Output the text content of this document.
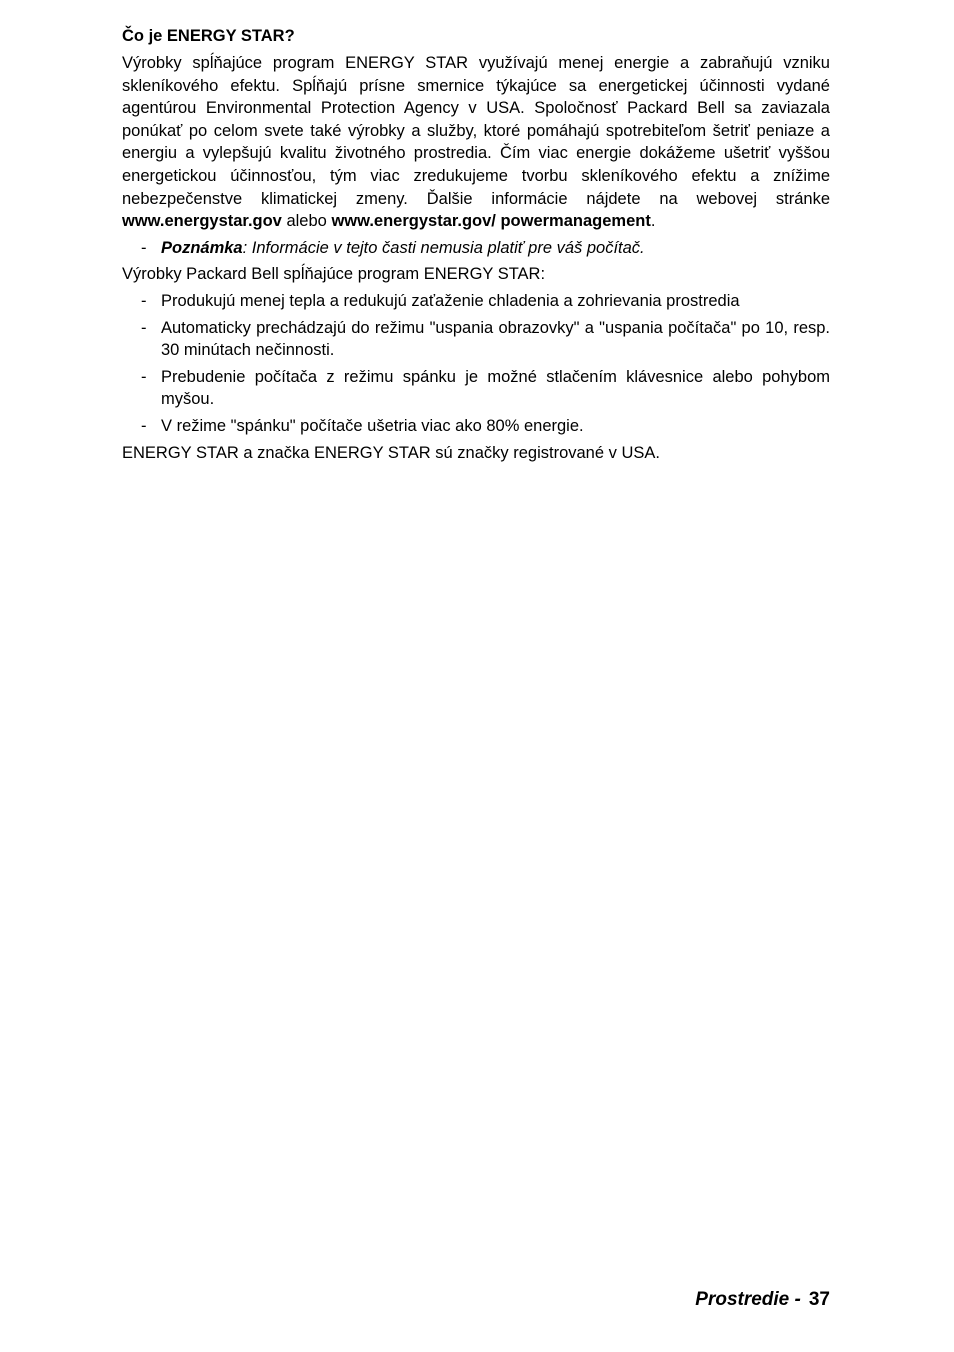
Čo je ENERGY STAR?
Výrobky spĺňajúce program ENERGY STAR využívajú menej energie a zabraňujú vzniku skleníkového efektu. Spĺňajú prísne smernice týkajúce sa energetickej účinnosti vydané agentúrou Environmental Protection Agency v USA. Spoločnosť Packard Bell sa zaviazala ponúkať po celom svete také výrobky a služby, ktoré pomáhajú spotrebiteľom šetriť peniaze a energiu a vylepšujú kvalitu životného prostredia. Čím viac energie dokážeme ušetriť vyššou energetickou účinnosťou, tým viac zredukujeme tvorbu skleníkového efektu a znížime nebezpečenstve klimatickej zmeny. Ďalšie informácie nájdete na webovej stránke www.energystar.gov alebo www.energystar.gov/ powermanagement.
- Poznámka: Informácie v tejto časti nemusia platiť pre váš počítač.
Výrobky Packard Bell spĺňajúce program ENERGY STAR:
- Produkujú menej tepla a redukujú zaťaženie chladenia a zohrievania prostredia
- Automaticky prechádzajú do režimu "uspania obrazovky" a "uspania počítača" po 10, resp. 30 minútach nečinnosti.
- Prebudenie počítača z režimu spánku je možné stlačením klávesnice alebo pohybom myšou.
- V režime "spánku" počítače ušetria viac ako 80% energie.
ENERGY STAR a značka ENERGY STAR sú značky registrované v USA.
Prostredie - 37
